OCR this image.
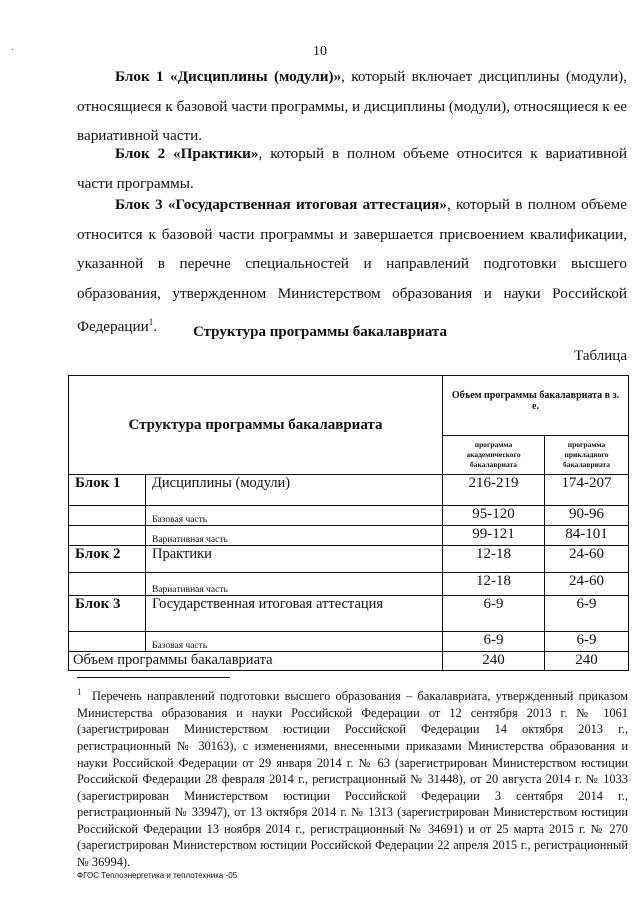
·	10
Блок 1 «Дисциплины (модули)», который включает дисциплины (модули), относящиеся к базовой части программы, и дисциплины (модули), относящиеся к ее вариативной части.
Блок 2 «Практики», который в полном объеме относится к вариативной части программы.
Блок 3 «Государственная итоговая аттестация», который в полном объеме относится к базовой части программы и завершается присвоением квалификации, указанной в перечне специальностей и направлений подготовки высшего образования, утвержденном Министерством образования и науки Российской Федерации$^1$.	Структура программы бакалавриата
Таблица
Структура программы бакалавриата		Объем программы бакалавриата в з. е.	
		программа академического бакалавриата	программа прикладного бакалавриата
Блок 1	Дисциплины (модули)	216-219	174-207
	Базовая часть	95-120	90-96
	Вариативная часть	99-121	84-101
Блок 2	Практики	12-18	24-60
	Вариативная часть	12-18	24-60
Блок 3	Государственная итоговая аттестация	6-9	6-9
	Базовая часть	6-9	6-9
Объем программы бакалавриата		240	240
$^1$ Перечень направлений подготовки высшего образования – бакалавриата, утвержденный приказом Министерства образования и науки Российской Федерации от 12 сентября 2013 г. № 1061 (зарегистрирован Министерством юстиции Российской Федерации 14 октября 2013 г., регистрационный № 30163), с изменениями, внесенными приказами Министерства образования и науки Российской Федерации от 29 января 2014 г. № 63 (зарегистрирован Министерством юстиции Российской Федерации 28 февраля 2014 г., регистрационный № 31448), от 20 августа 2014 г. № 1033 (зарегистрирован Министерством юстиции Российской Федерации 3 сентября 2014 г., регистрационный № 33947), от 13 октября 2014 г. № 1313 (зарегистрирован Министерством юстиции Российской Федерации 13 ноября 2014 г., регистрационный № 34691) и от 25 марта 2015 г. № 270 (зарегистрирован Министерством юстиции Российской Федерации 22 апреля 2015 г., регистрационный № 36994).
ФГОС Теплоэнергетика и теплотехника -05
